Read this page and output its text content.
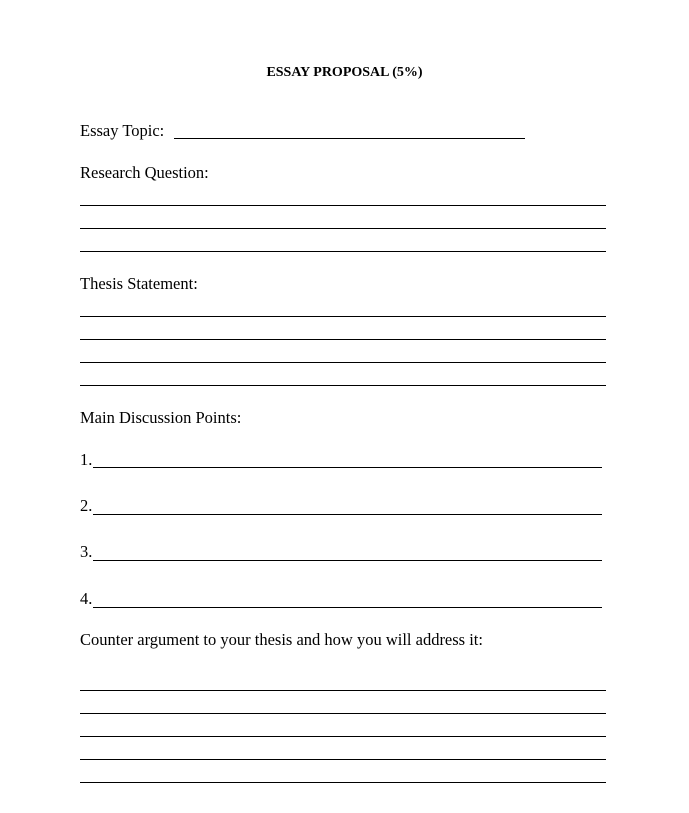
ESSAY PROPOSAL (5%)
Essay Topic:
Research Question:
Thesis Statement:
Main Discussion Points:
1.
2.
3.
4.
Counter argument to your thesis and how you will address it:
